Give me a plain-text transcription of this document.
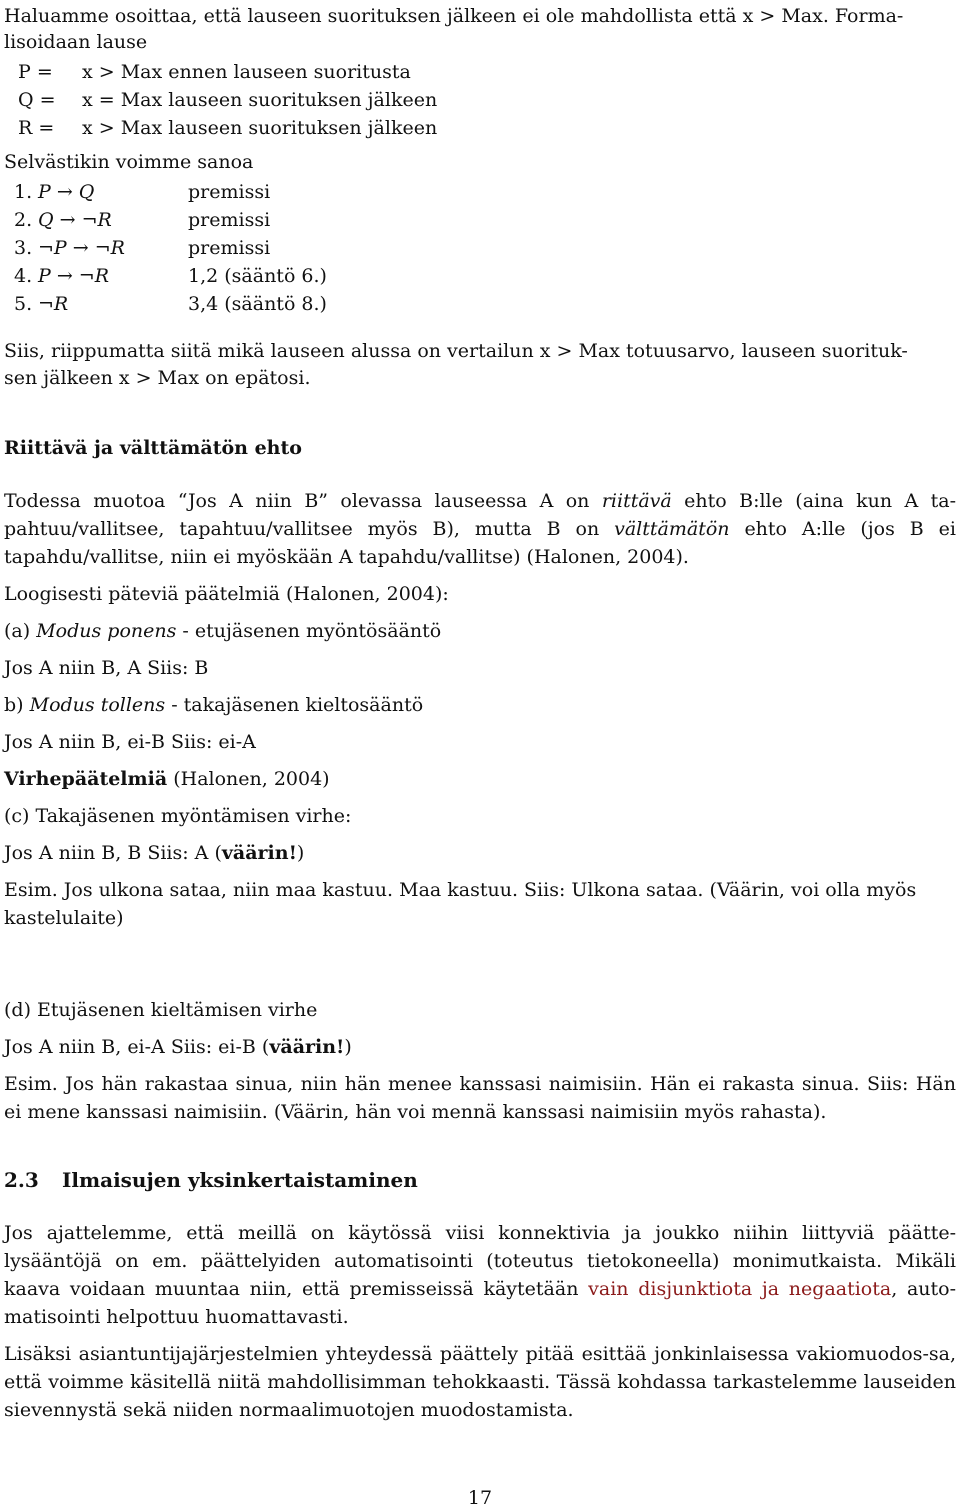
Haluamme osoittaa, että lauseen suorituksen jälkeen ei ole mahdollista että x > Max. Forma-
lisoidaan lause
P = x > Max ennen lauseen suoritusta
Q = x = Max lauseen suorituksen jälkeen
R = x > Max lauseen suorituksen jälkeen
Selvästikin voimme sanoa
1. P → Q	premissi
2. Q → ¬R	premissi
3. ¬P → ¬R	premissi
4. P → ¬R	1,2 (sääntö 6.)
5. ¬R	3,4 (sääntö 8.)
Siis, riippumatta siitä mikä lauseen alussa on vertailun x > Max totuusarvo, lauseen suorituk-
sen jälkeen x > Max on epätosi.
Riittävä ja välttämätön ehto
Todessa muotoa “Jos A niin B” olevassa lauseessa A on riittävä ehto B:lle (aina kun A ta-pahtuu/vallitsee, tapahtuu/vallitsee myös B), mutta B on välttämätön ehto A:lle (jos B ei tapahdu/vallitse, niin ei myöskään A tapahdu/vallitse) (Halonen, 2004).
Loogisesti päteviä päätelmiä (Halonen, 2004):
(a) Modus ponens - etujäsenen myöntösääntö
Jos A niin B, A Siis: B
b) Modus tollens - takajäsenen kieltosääntö
Jos A niin B, ei-B Siis: ei-A
Virhepäätelmiä (Halonen, 2004)
(c) Takajäsenen myöntämisen virhe:
Jos A niin B, B Siis: A (väärin!)
Esim. Jos ulkona sataa, niin maa kastuu. Maa kastuu. Siis: Ulkona sataa. (Väärin, voi olla myös kastelulaite)
(d) Etujäsenen kieltämisen virhe
Jos A niin B, ei-A Siis: ei-B (väärin!)
Esim. Jos hän rakastaa sinua, niin hän menee kanssasi naimisiin. Hän ei rakasta sinua. Siis: Hän ei mene kanssasi naimisiin. (Väärin, hän voi mennä kanssasi naimisiin myös rahasta).
2.3 Ilmaisujen yksinkertaistaminen
Jos ajattelemme, että meillä on käytössä viisi konnektivia ja joukko niihin liittyviä päätte-lysääntöjä on em. päättelyiden automatisointi (toteutus tietokoneella) monimutkaista. Mikäli kaava voidaan muuntaa niin, että premisseissä käytetään vain disjunktiota ja negaatiota, auto-matisointi helpottuu huomattavasti.
Lisäksi asiantuntijajärjestelmien yhteydessä päättely pitää esittää jonkinlaisessa vakiomuodos-sa, että voimme käsitellä niitä mahdollisimman tehokkaasti. Tässä kohdassa tarkastelemme lauseiden sievennystä sekä niiden normaalimuotojen muodostamista.
17
